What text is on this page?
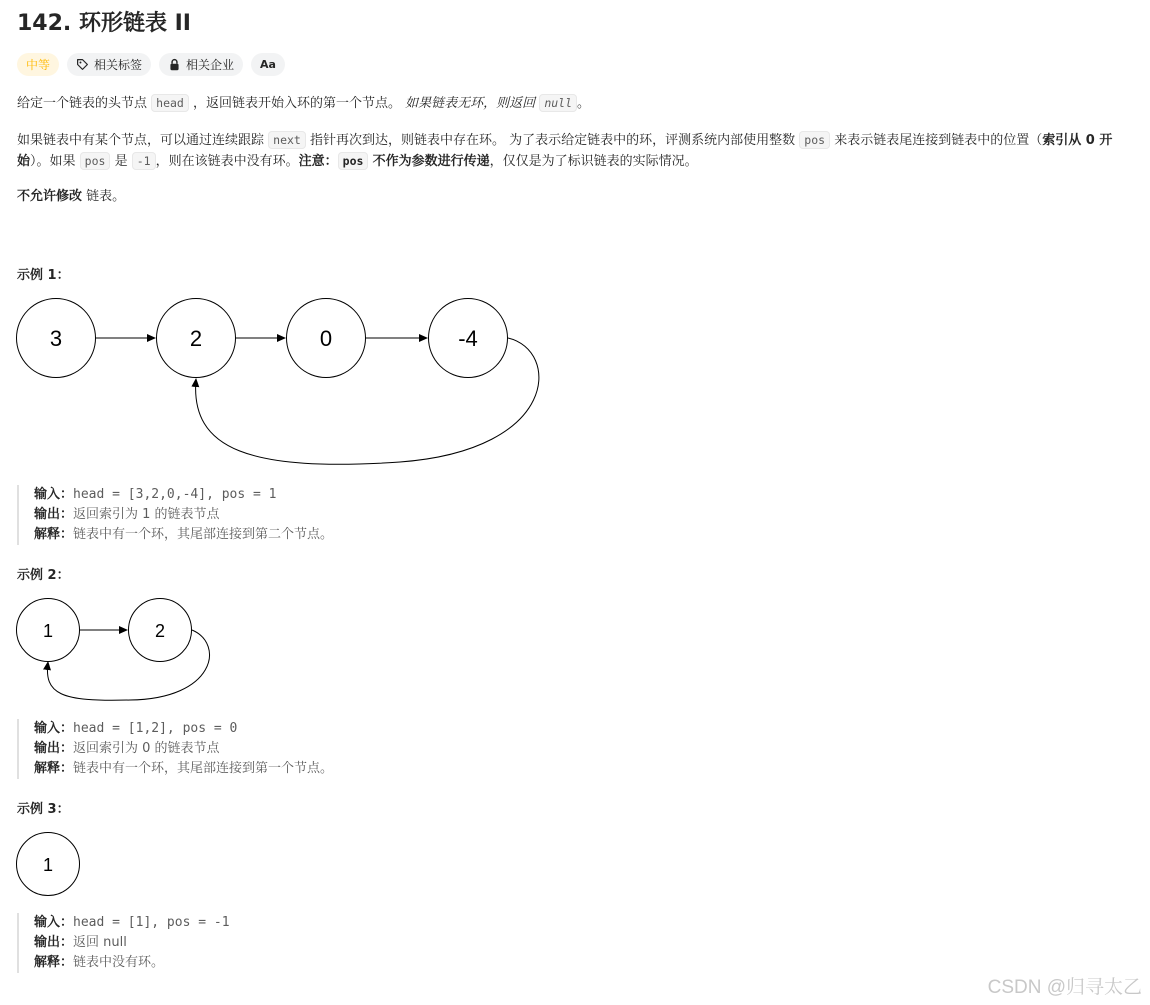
142. 环形链表 II
中等	相关标签	相关企业 Aa

给定一个链表的头节点 head ，返回链表开始入环的第一个节点。 如果链表无环，则返回 null 。

如果链表中有某个节点，可以通过连续跟踪 next 指针再次到达，则链表中存在环。 为了表示给定链表中的环，评测系统内部使用整数 pos 来表示链表尾连接到链表中的位置（索引从 0 开始）。如果 pos 是 -1 ，则在该链表中没有环。注意： pos 不作为参数进行传递，仅仅是为了标识链表的实际情况。

不允许修改 链表。

示例 1：
3	2	0	-4
输入：head = [3,2,0,-4], pos = 1
输出：返回索引为 1 的链表节点
解释：链表中有一个环，其尾部连接到第二个节点。
示例 2：
1	2
输入：head = [1,2], pos = 0
输出：返回索引为 0 的链表节点
解释：链表中有一个环，其尾部连接到第一个节点。
示例 3：
1
输入：head = [1], pos = -1
输出：返回 null
解释：链表中没有环。
CSDN @归寻太乙
